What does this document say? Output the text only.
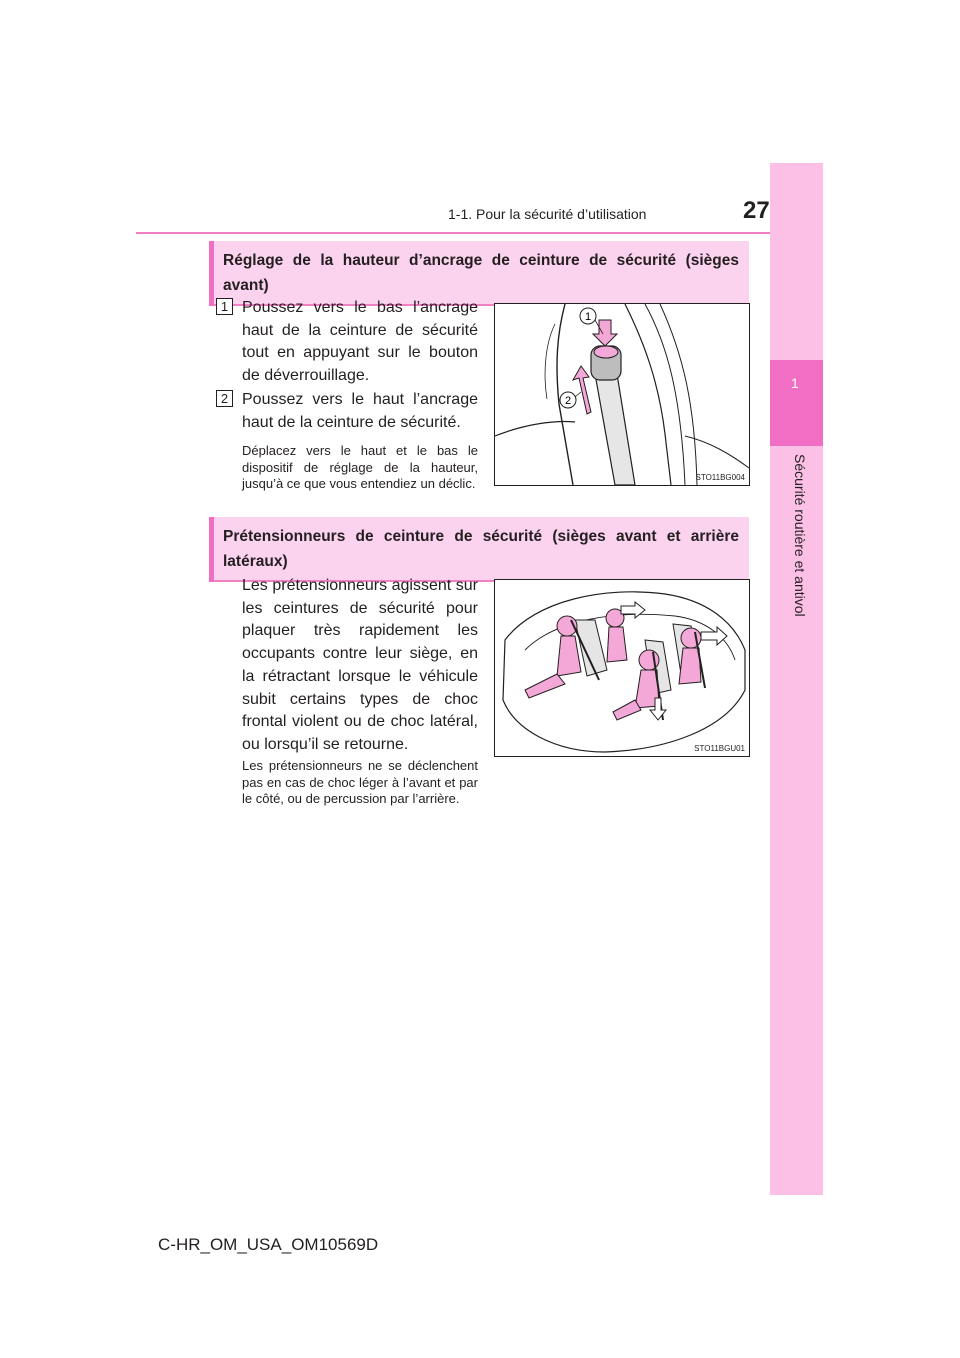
1-1. Pour la sécurité d’utilisation	27
1
Sécurité routière et antivol
Réglage de la hauteur d’ancrage de ceinture de sécurité (sièges avant)
1 Poussez vers le bas l’ancrage haut de la ceinture de sécurité tout en appuyant sur le bouton de déverrouillage.
2 Poussez vers le haut l’ancrage haut de la ceinture de sécurité.
Déplacez vers le haut et le bas le dispositif de réglage de la hauteur, jusqu’à ce que vous entendiez un déclic.
1
2
STO11BG004
Prétensionneurs de ceinture de sécurité (sièges avant et arrière latéraux)
Les prétensionneurs agissent sur les ceintures de sécurité pour plaquer très rapidement les occupants contre leur siège, en la rétractant lorsque le véhicule subit certains types de choc frontal violent ou de choc latéral, ou lorsqu’il se retourne.
Les prétensionneurs ne se déclenchent pas en cas de choc léger à l’avant et par le côté, ou de percussion par l’arrière.
STO11BGU01
C-HR_OM_USA_OM10569D
